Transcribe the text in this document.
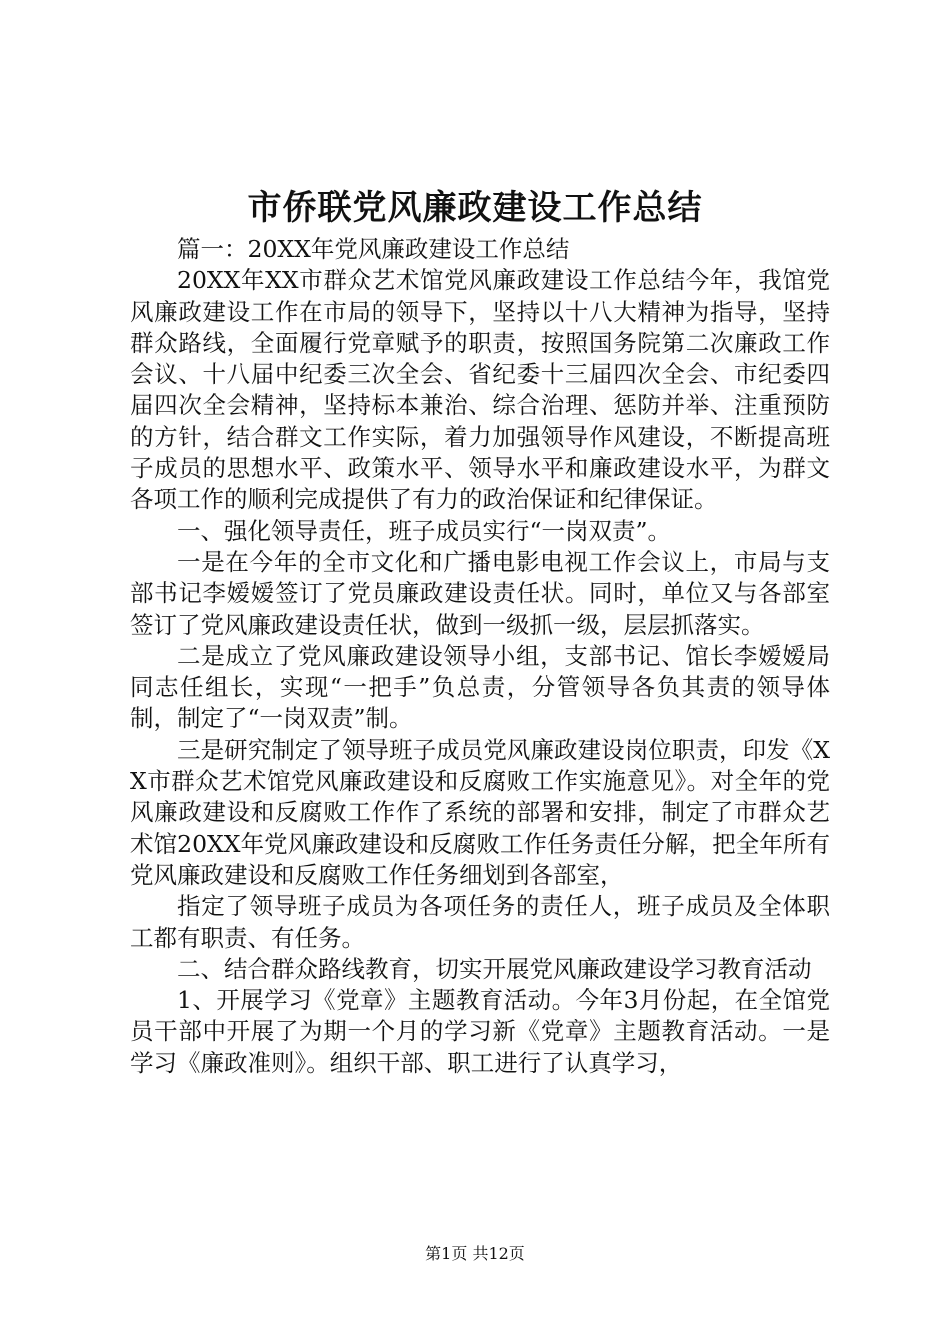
市侨联党风廉政建设工作总结

篇一：20XX年党风廉政建设工作总结

20XX年XX市群众艺术馆党风廉政建设工作总结今年，我馆党风廉政建设工作在市局的领导下，坚持以十八大精神为指导，坚持群众路线，全面履行党章赋予的职责，按照国务院第二次廉政工作会议、十八届中纪委三次全会、省纪委十三届四次全会、市纪委四届四次全会精神，坚持标本兼治、综合治理、惩防并举、注重预防的方针，结合群文工作实际，着力加强领导作风建设，不断提高班子成员的思想水平、政策水平、领导水平和廉政建设水平，为群文各项工作的顺利完成提供了有力的政治保证和纪律保证。

一、强化领导责任，班子成员实行“一岗双责”。

一是在今年的全市文化和广播电影电视工作会议上，市局与支部书记李嫒嫒签订了党员廉政建设责任状。同时，单位又与各部室签订了党风廉政建设责任状，做到一级抓一级，层层抓落实。

二是成立了党风廉政建设领导小组，支部书记、馆长李嫒嫒局同志任组长，实现“一把手”负总责，分管领导各负其责的领导体制，制定了“一岗双责”制。

三是研究制定了领导班子成员党风廉政建设岗位职责，印发《XX市群众艺术馆党风廉政建设和反腐败工作实施意见》。对全年的党风廉政建设和反腐败工作作了系统的部署和安排，制定了市群众艺术馆20XX年党风廉政建设和反腐败工作任务责任分解，把全年所有党风廉政建设和反腐败工作任务细划到各部室，

指定了领导班子成员为各项任务的责任人，班子成员及全体职工都有职责、有任务。

二、结合群众路线教育，切实开展党风廉政建设学习教育活动

1、开展学习《党章》主题教育活动。今年3月份起，在全馆党员干部中开展了为期一个月的学习新《党章》主题教育活动。一是学习《廉政准则》。组织干部、职工进行了认真学习，

第1页 共12页
